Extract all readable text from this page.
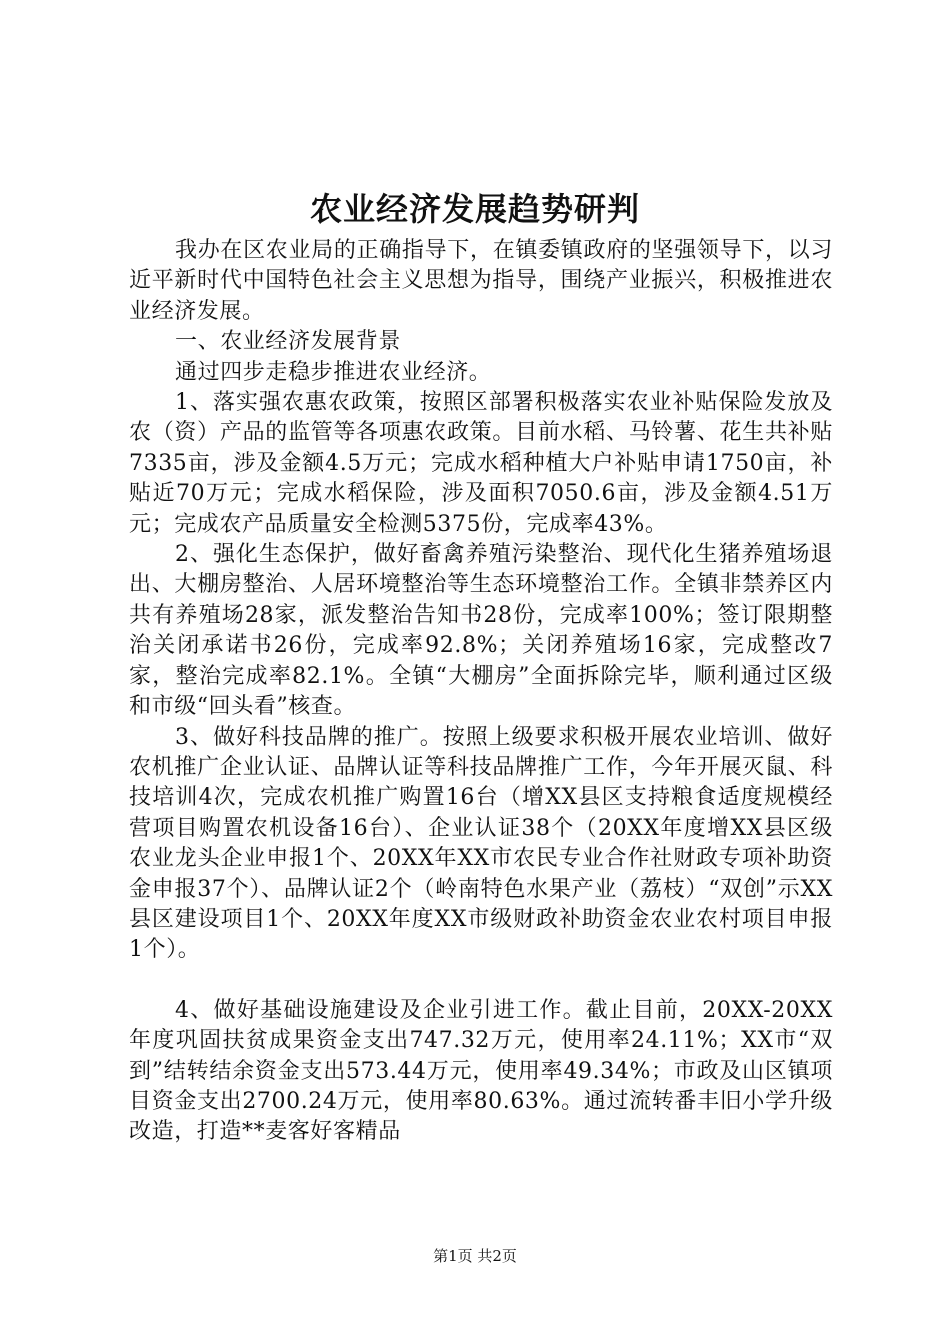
农业经济发展趋势研判

我办在区农业局的正确指导下，在镇委镇政府的坚强领导下，以习近平新时代中国特色社会主义思想为指导，围绕产业振兴，积极推进农业经济发展。

一、农业经济发展背景

通过四步走稳步推进农业经济。

1、落实强农惠农政策，按照区部署积极落实农业补贴保险发放及农（资）产品的监管等各项惠农政策。目前水稻、马铃薯、花生共补贴7335亩，涉及金额4.5万元；完成水稻种植大户补贴申请1750亩，补贴近70万元；完成水稻保险，涉及面积7050.6亩，涉及金额4.51万元；完成农产品质量安全检测5375份，完成率43%。

2、强化生态保护，做好畜禽养殖污染整治、现代化生猪养殖场退出、大棚房整治、人居环境整治等生态环境整治工作。全镇非禁养区内共有养殖场28家，派发整治告知书28份，完成率100%；签订限期整治关闭承诺书26份，完成率92.8%；关闭养殖场16家，完成整改7家，整治完成率82.1%。全镇“大棚房”全面拆除完毕，顺利通过区级和市级“回头看”核查。

3、做好科技品牌的推广。按照上级要求积极开展农业培训、做好农机推广企业认证、品牌认证等科技品牌推广工作，今年开展灭鼠、科技培训4次，完成农机推广购置16台（增XX县区支持粮食适度规模经营项目购置农机设备16台）、企业认证38个（20XX年度增XX县区级农业龙头企业申报1个、20XX年XX市农民专业合作社财政专项补助资金申报37个）、品牌认证2个（岭南特色水果产业（荔枝）“双创”示XX县区建设项目1个、20XX年度XX市级财政补助资金农业农村项目申报1个）。

4、做好基础设施建设及企业引进工作。截止目前，20XX-20XX年度巩固扶贫成果资金支出747.32万元，使用率24.11%；XX市“双到”结转结余资金支出573.44万元，使用率49.34%；市政及山区镇项目资金支出2700.24万元，使用率80.63%。通过流转番丰旧小学升级改造，打造**麦客好客精品

第1页 共2页
